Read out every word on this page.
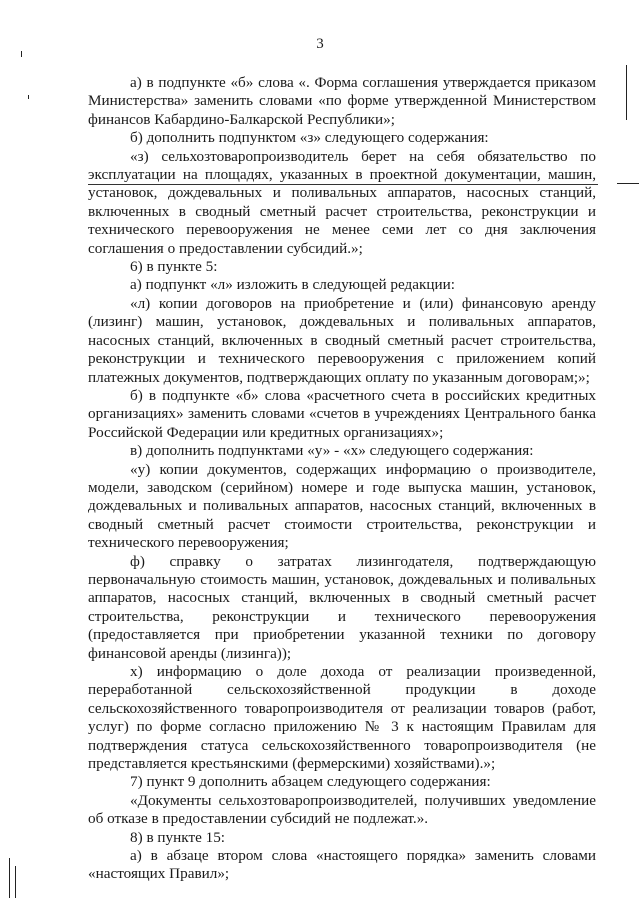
3

а) в подпункте «б» слова «. Форма соглашения утверждается приказом Министерства» заменить словами «по форме утвержденной Министерством финансов Кабардино-Балкарской Республики»;

б) дополнить подпунктом «з» следующего содержания:

«з) сельхозтоваропроизводитель берет на себя обязательство по эксплуатации на площадях, указанных в проектной документации, машин, установок, дождевальных и поливальных аппаратов, насосных станций, включенных в сводный сметный расчет строительства, реконструкции и технического перевооружения не менее семи лет со дня заключения соглашения о предоставлении субсидий.»;

6) в пункте 5:

а) подпункт «л» изложить в следующей редакции:

«л) копии договоров на приобретение и (или) финансовую аренду (лизинг) машин, установок, дождевальных и поливальных аппаратов, насосных станций, включенных в сводный сметный расчет строительства, реконструкции и технического перевооружения с приложением копий платежных документов, подтверждающих оплату по указанным договорам;»;

б) в подпункте «б» слова «расчетного счета в российских кредитных организациях» заменить словами «счетов в учреждениях Центрального банка Российской Федерации или кредитных организациях»;

в) дополнить подпунктами «у» - «х» следующего содержания:

«у) копии документов, содержащих информацию о производителе, модели, заводском (серийном) номере и годе выпуска машин, установок, дождевальных и поливальных аппаратов, насосных станций, включенных в сводный сметный расчет стоимости строительства, реконструкции и технического перевооружения;

ф) справку о затратах лизингодателя, подтверждающую первоначальную стоимость машин, установок, дождевальных и поливальных аппаратов, насосных станций, включенных в сводный сметный расчет строительства, реконструкции и технического перевооружения (предоставляется при приобретении указанной техники по договору финансовой аренды (лизинга));

х) информацию о доле дохода от реализации произведенной, переработанной сельскохозяйственной продукции в доходе сельскохозяйственного товаропроизводителя от реализации товаров (работ, услуг) по форме согласно приложению № 3 к настоящим Правилам для подтверждения статуса сельскохозяйственного товаропроизводителя (не представляется крестьянскими (фермерскими) хозяйствами).»;

7) пункт 9 дополнить абзацем следующего содержания:

«Документы сельхозтоваропроизводителей, получивших уведомление об отказе в предоставлении субсидий не подлежат.».

8) в пункте 15:

а) в абзаце втором слова «настоящего порядка» заменить словами «настоящих Правил»;
